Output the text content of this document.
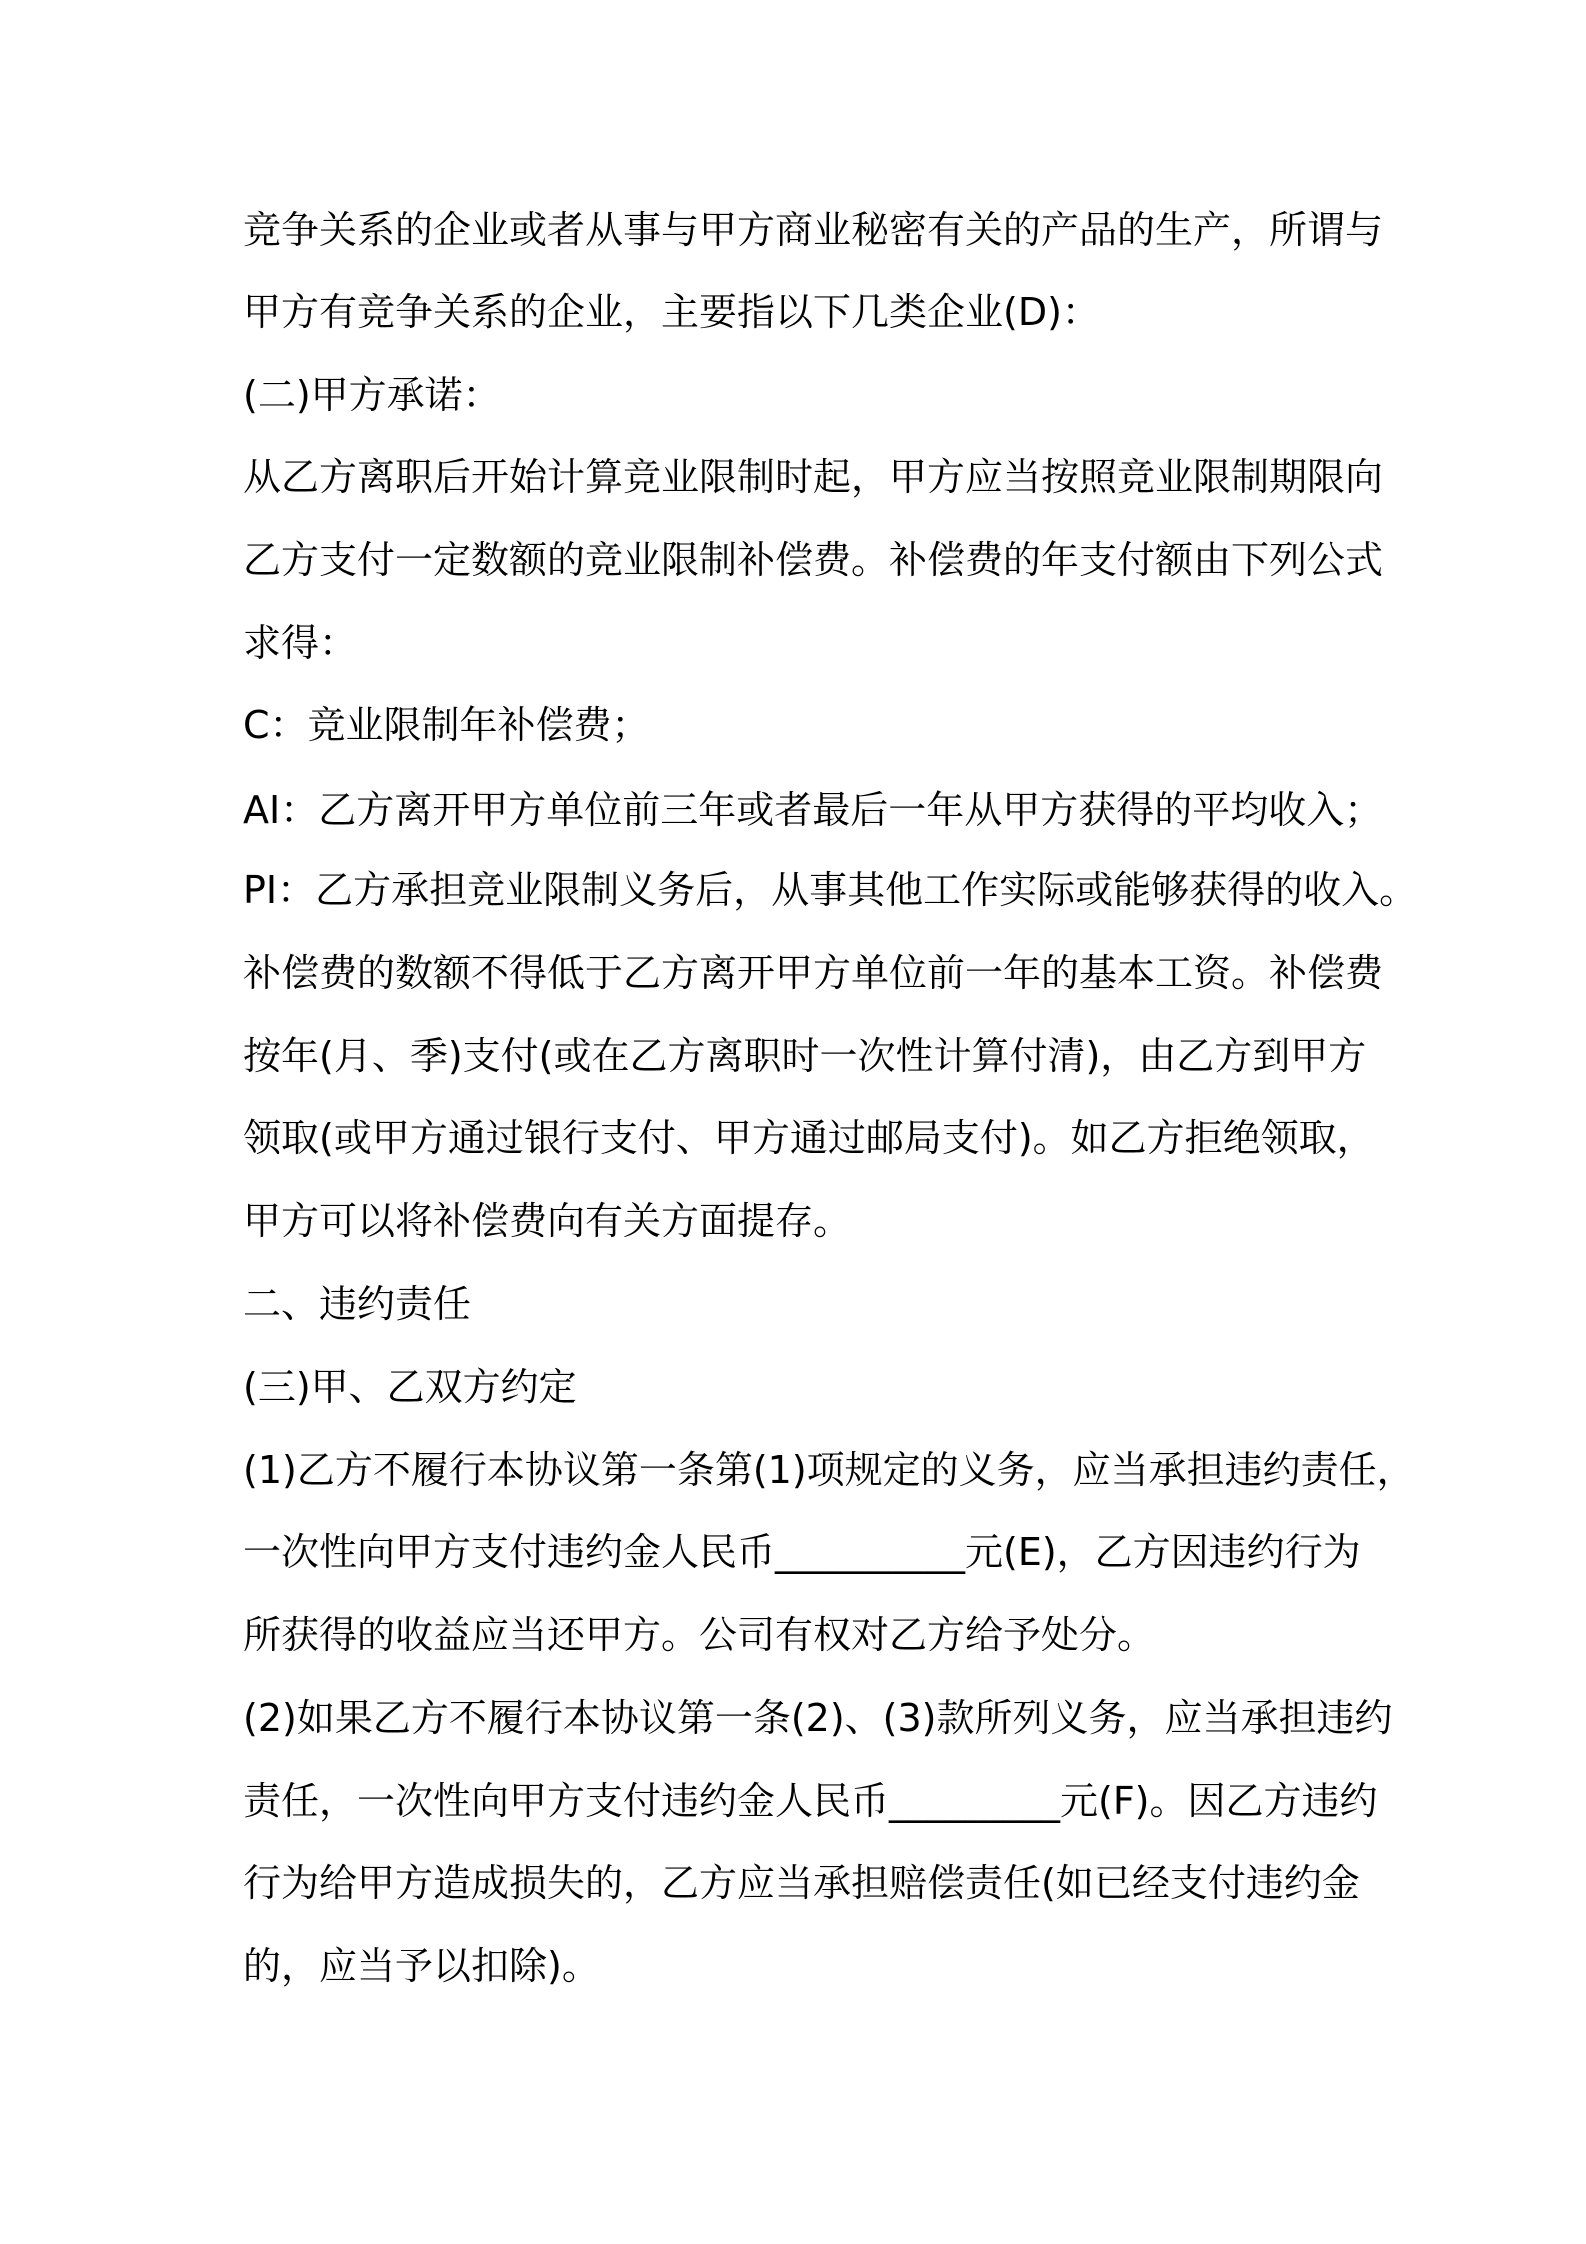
竞争关系的企业或者从事与甲方商业秘密有关的产品的生产，所谓与
甲方有竞争关系的企业，主要指以下几类企业(D)：
(二)甲方承诺：
从乙方离职后开始计算竞业限制时起，甲方应当按照竞业限制期限向
乙方支付一定数额的竞业限制补偿费。补偿费的年支付额由下列公式
求得：
C：竞业限制年补偿费；
AI：乙方离开甲方单位前三年或者最后一年从甲方获得的平均收入；
PI：乙方承担竞业限制义务后，从事其他工作实际或能够获得的收入。
补偿费的数额不得低于乙方离开甲方单位前一年的基本工资。补偿费
按年(月、季)支付(或在乙方离职时一次性计算付清)，由乙方到甲方
领取(或甲方通过银行支付、甲方通过邮局支付)。如乙方拒绝领取，
甲方可以将补偿费向有关方面提存。
二、违约责任
(三)甲、乙双方约定
(1)乙方不履行本协议第一条第(1)项规定的义务，应当承担违约责任，
一次性向甲方支付违约金人民币__________元(E)，乙方因违约行为
所获得的收益应当还甲方。公司有权对乙方给予处分。
(2)如果乙方不履行本协议第一条(2)、(3)款所列义务，应当承担违约
责任，一次性向甲方支付违约金人民币_________元(F)。因乙方违约
行为给甲方造成损失的，乙方应当承担赔偿责任(如已经支付违约金
的，应当予以扣除)。
